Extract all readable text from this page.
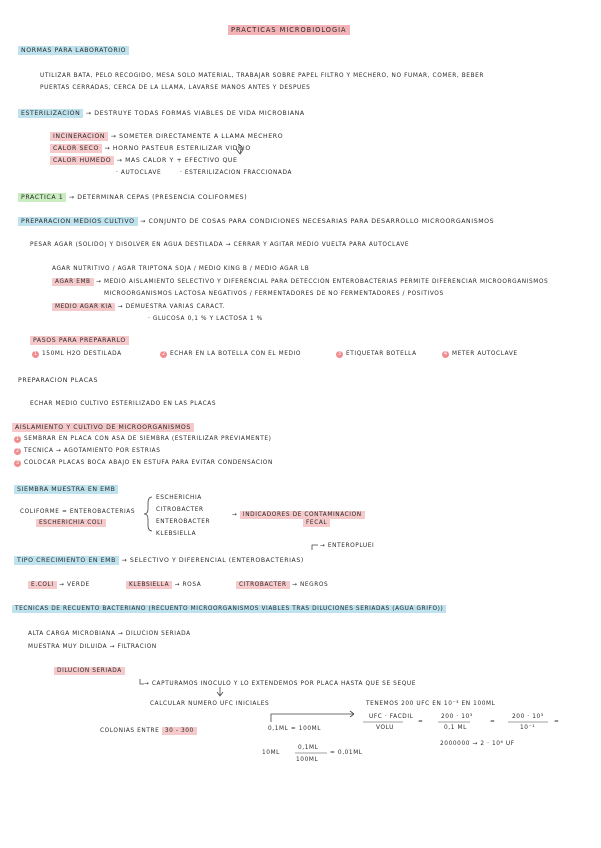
PRACTICAS MICROBIOLOGIA
NORMAS PARA LABORATORIO
UTILIZAR BATA, PELO RECOGIDO, MESA SOLO MATERIAL, TRABAJAR SOBRE PAPEL FILTRO Y MECHERO, NO FUMAR, COMER, BEBER
PUERTAS CERRADAS, CERCA DE LA LLAMA, LAVARSE MANOS ANTES Y DESPUES
ESTERILIZACION → DESTRUYE TODAS FORMAS VIABLES DE VIDA MICROBIANA
INCINERACION → SOMETER DIRECTAMENTE A LLAMA MECHERO
CALOR SECO → HORNO PASTEUR ESTERILIZAR VIDRIO
CALOR HUMEDO → MAS CALOR Y + EFECTIVO QUE
· AUTOCLAVE	· ESTERILIZACION FRACCIONADA
PRACTICA 1 → DETERMINAR CEPAS (PRESENCIA COLIFORMES)
PREPARACION MEDIOS CULTIVO → CONJUNTO DE COSAS PARA CONDICIONES NECESARIAS PARA DESARROLLO MICROORGANISMOS
PESAR AGAR (SOLIDO) Y DISOLVER EN AGUA DESTILADA → CERRAR Y AGITAR MEDIO VUELTA PARA AUTOCLAVE
AGAR NUTRITIVO / AGAR TRIPTONA SOJA / MEDIO KING B / MEDIO AGAR LB
AGAR EMB → MEDIO AISLAMIENTO SELECTIVO Y DIFERENCIAL PARA DETECCION ENTEROBACTERIAS PERMITE DIFERENCIAR MICROORGANISMOS
MICROORGANISMOS LACTOSA NEGATIVOS / FERMENTADORES DE NO FERMENTADORES / POSITIVOS
MEDIO AGAR KIA → DEMUESTRA VARIAS CARACT.
· GLUCOSA 0,1 % Y LACTOSA 1 %
PASOS PARA PREPARARLO
1 150ML H2O DESTILADA	2 ECHAR EN LA BOTELLA CON EL MEDIO	3 ETIQUETAR BOTELLA	4 METER AUTOCLAVE
PREPARACION PLACAS
ECHAR MEDIO CULTIVO ESTERILIZADO EN LAS PLACAS
AISLAMIENTO Y CULTIVO DE MICROORGANISMOS
1 SEMBRAR EN PLACA CON ASA DE SIEMBRA (ESTERILIZAR PREVIAMENTE)
2 TECNICA → AGOTAMIENTO POR ESTRIAS
3 COLOCAR PLACAS BOCA ABAJO EN ESTUFA PARA EVITAR CONDENSACION
SIEMBRA MUESTRA EN EMB
COLIFORME = ENTEROBACTERIAS
ESCHERICHIA COLI
ESCHERICHIA
CITROBACTER
ENTEROBACTER
KLEBSIELLA
→ INDICADORES DE CONTAMINACION
FECAL
→ ENTEROPLUEI
TIPO CRECIMIENTO EN EMB → SELECTIVO Y DIFERENCIAL (ENTEROBACTERIAS)
E.COLI → VERDE	KLEBSIELLA → ROSA	CITROBACTER → NEGROS
TECNICAS DE RECUENTO BACTERIANO (RECUENTO MICROORGANISMOS VIABLES TRAS DILUCIONES SERIADAS (AGUA GRIFO))
ALTA CARGA MICROBIANA → DILUCION SERIADA
MUESTRA MUY DILUIDA → FILTRACION
DILUCION SERIADA
→ CAPTURAMOS INOCULO Y LO EXTENDEMOS POR PLACA HASTA QUE SE SEQUE
CALCULAR NUMERO UFC INICIALES
COLONIAS ENTRE 30 - 300	0,1ML = 100ΜL
TENEMOS 200 UFC EN 10⁻³ EN 100ΜL
UFC · FACDIL
VOLU
=
200 · 10³
0,1 ML
=
200 · 10³
10⁻¹
=
2000000 → 2 · 10⁶ UF
10ΜL
0,1ML
100ΜL
= 0,01ML
